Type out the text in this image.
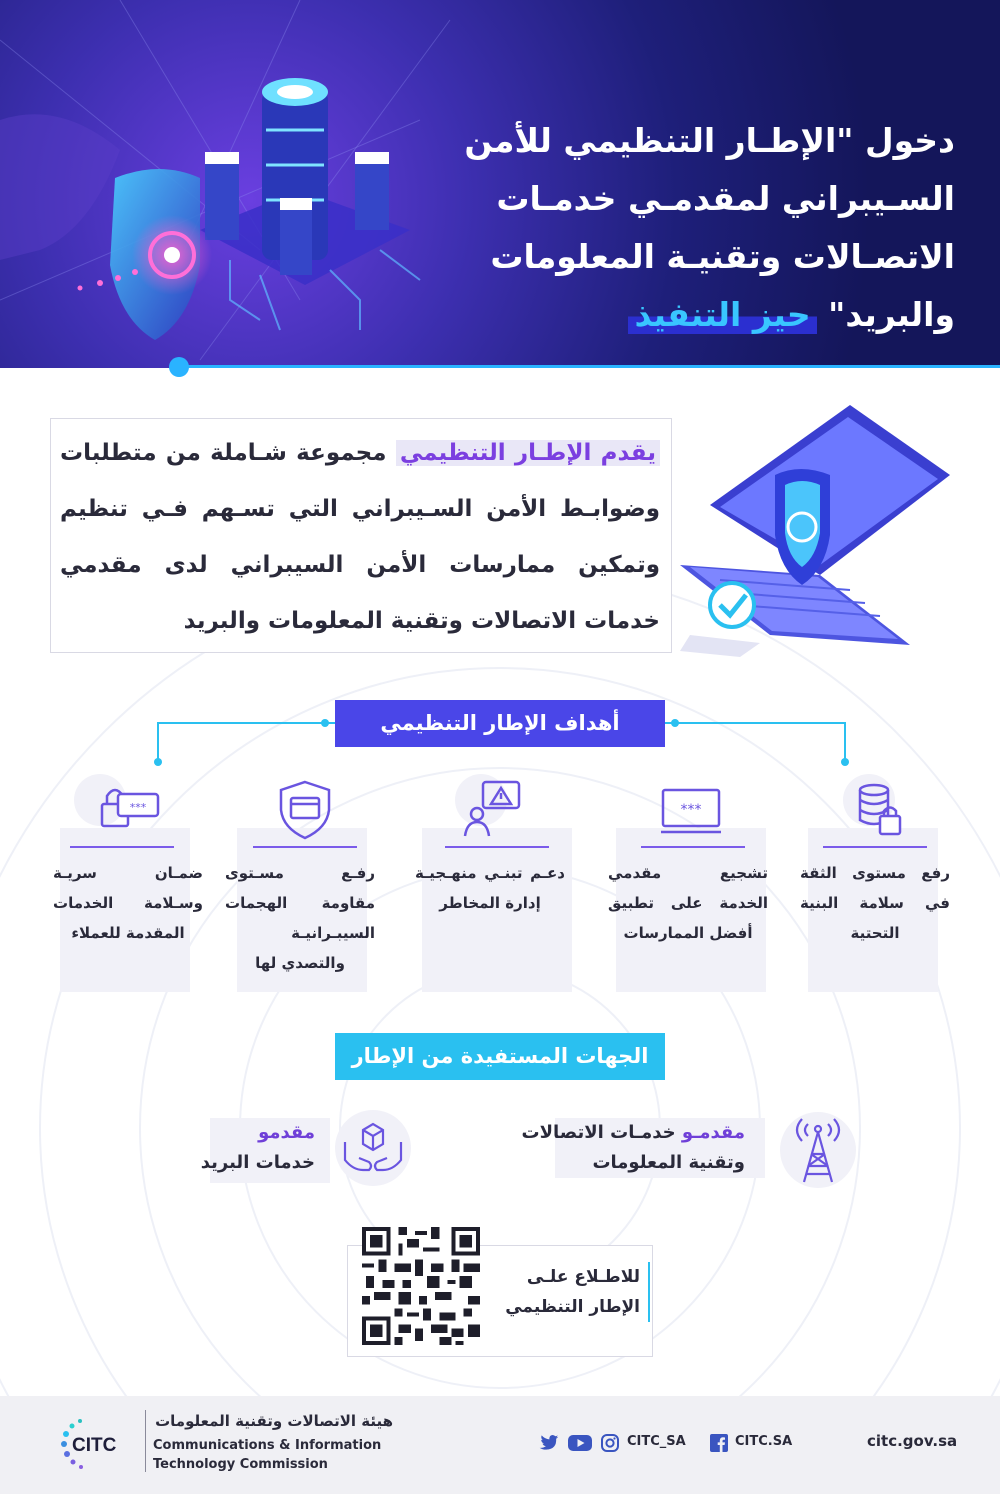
دخول "الإطـار التنظيمي للأمن
السـيبراني لمقدمـي خدمـات
الاتصـالات وتقنيـة المعلومات
والبريد" حيز التنفيذ
يقدم الإطـار التنظيمي مجموعة شـاملة من متطلبات وضوابـط الأمن السـيبراني التي تسـهم فـي تنظيم وتمكين ممارسات الأمن السيبراني لدى مقدمي خدمات الاتصالات وتقنية المعلومات والبريد
أهداف الإطار التنظيمي
رفع مستوى الثقة في سلامة البنية التحتية
***
تشجيع مقدمي الخدمة على تطبيق أفضل الممارسات
دعـم تبنـي منهـجيـة إدارة المخاطر
رفـع مسـتوى مقاومة الهجمات السيبـرانيـة والتصدي لها
***
ضمـان سريـة وسـلامة الخدمات المقدمة للعملاء
الجهات المستفيدة من الإطار
مقدمـو خدمـات الاتصالات
وتقنية المعلومات
مقدمو
خدمات البريد
للاطـلاع علـى
الإطار التنظيمي
CITC
هيئة الاتصالات وتقنية المعلومات
Communications & Information
Technology Commission
CITC_SA	CITC.SA	citc.gov.sa
